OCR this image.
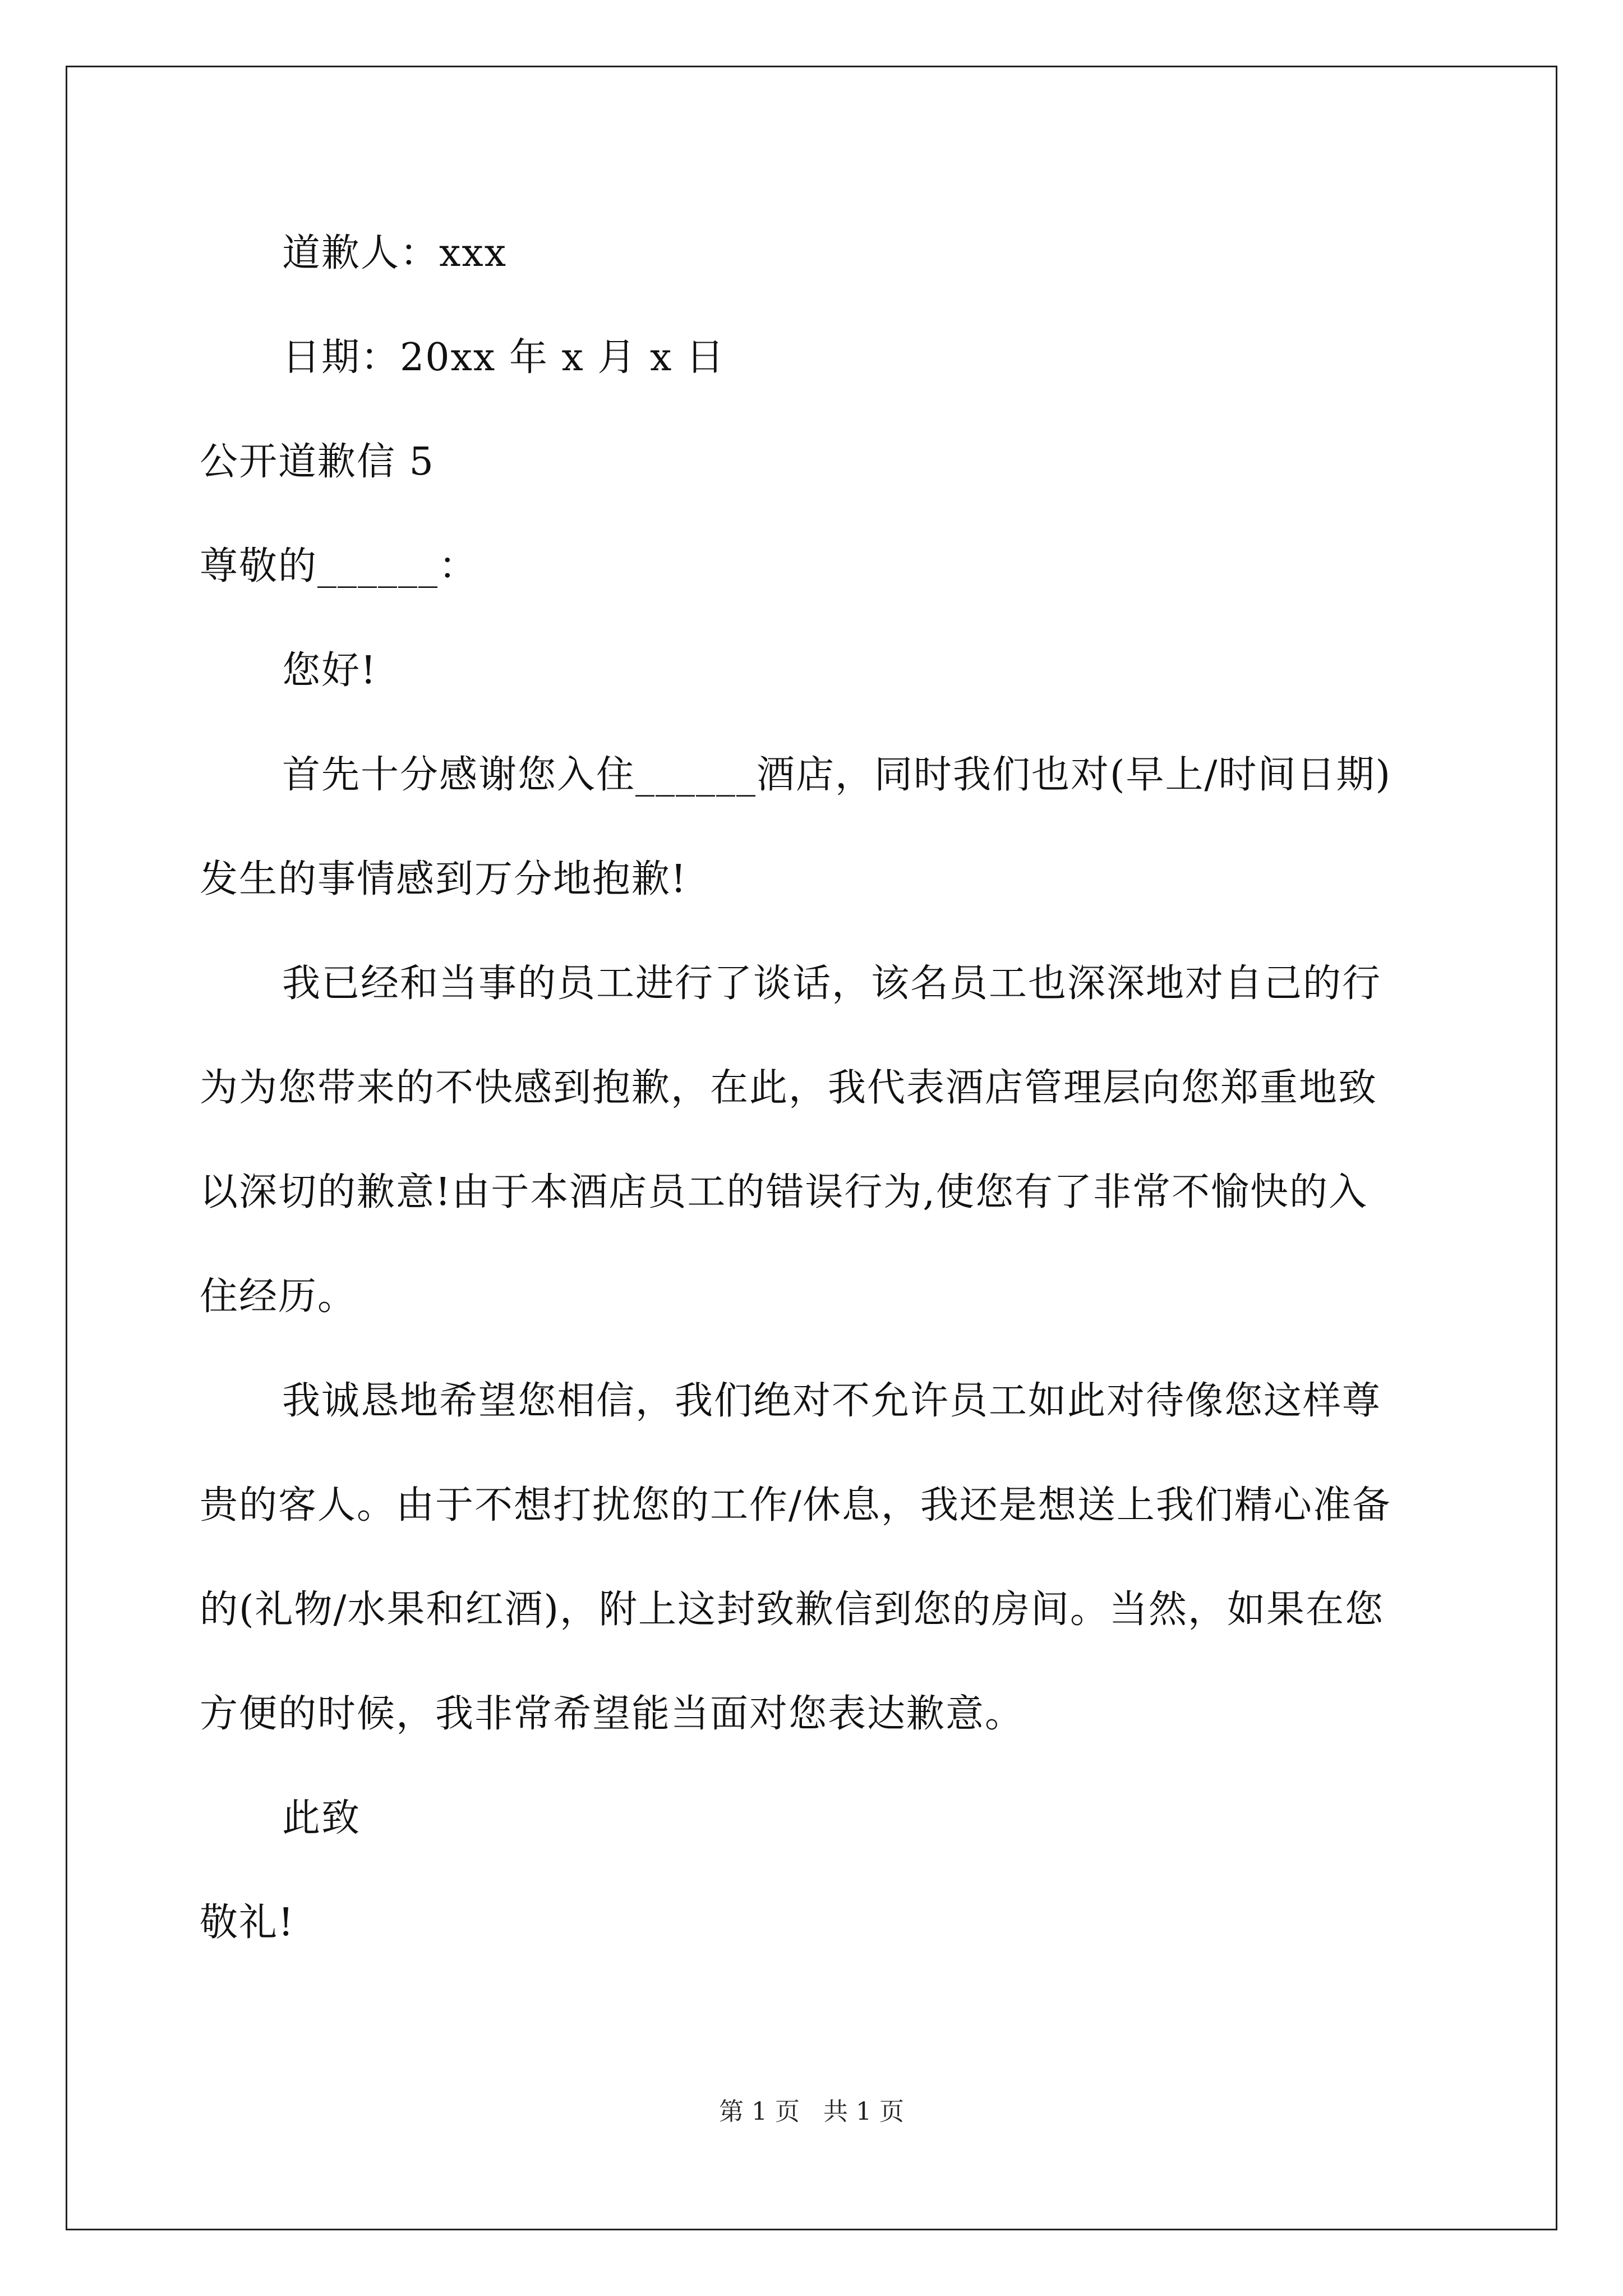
道歉人：xxx
日期：20xx 年 x 月 x 日
公开道歉信 5
尊敬的______：
您好!
首先十分感谢您入住______酒店，同时我们也对(早上/时间日期)
发生的事情感到万分地抱歉!
我已经和当事的员工进行了谈话，该名员工也深深地对自己的行
为为您带来的不快感到抱歉，在此，我代表酒店管理层向您郑重地致
以深切的歉意!由于本酒店员工的错误行为,使您有了非常不愉快的入
住经历。
我诚恳地希望您相信，我们绝对不允许员工如此对待像您这样尊
贵的客人。由于不想打扰您的工作/休息，我还是想送上我们精心准备
的(礼物/水果和红酒)，附上这封致歉信到您的房间。当然，如果在您
方便的时候，我非常希望能当面对您表达歉意。
此致
敬礼!
第 1 页   共 1 页
